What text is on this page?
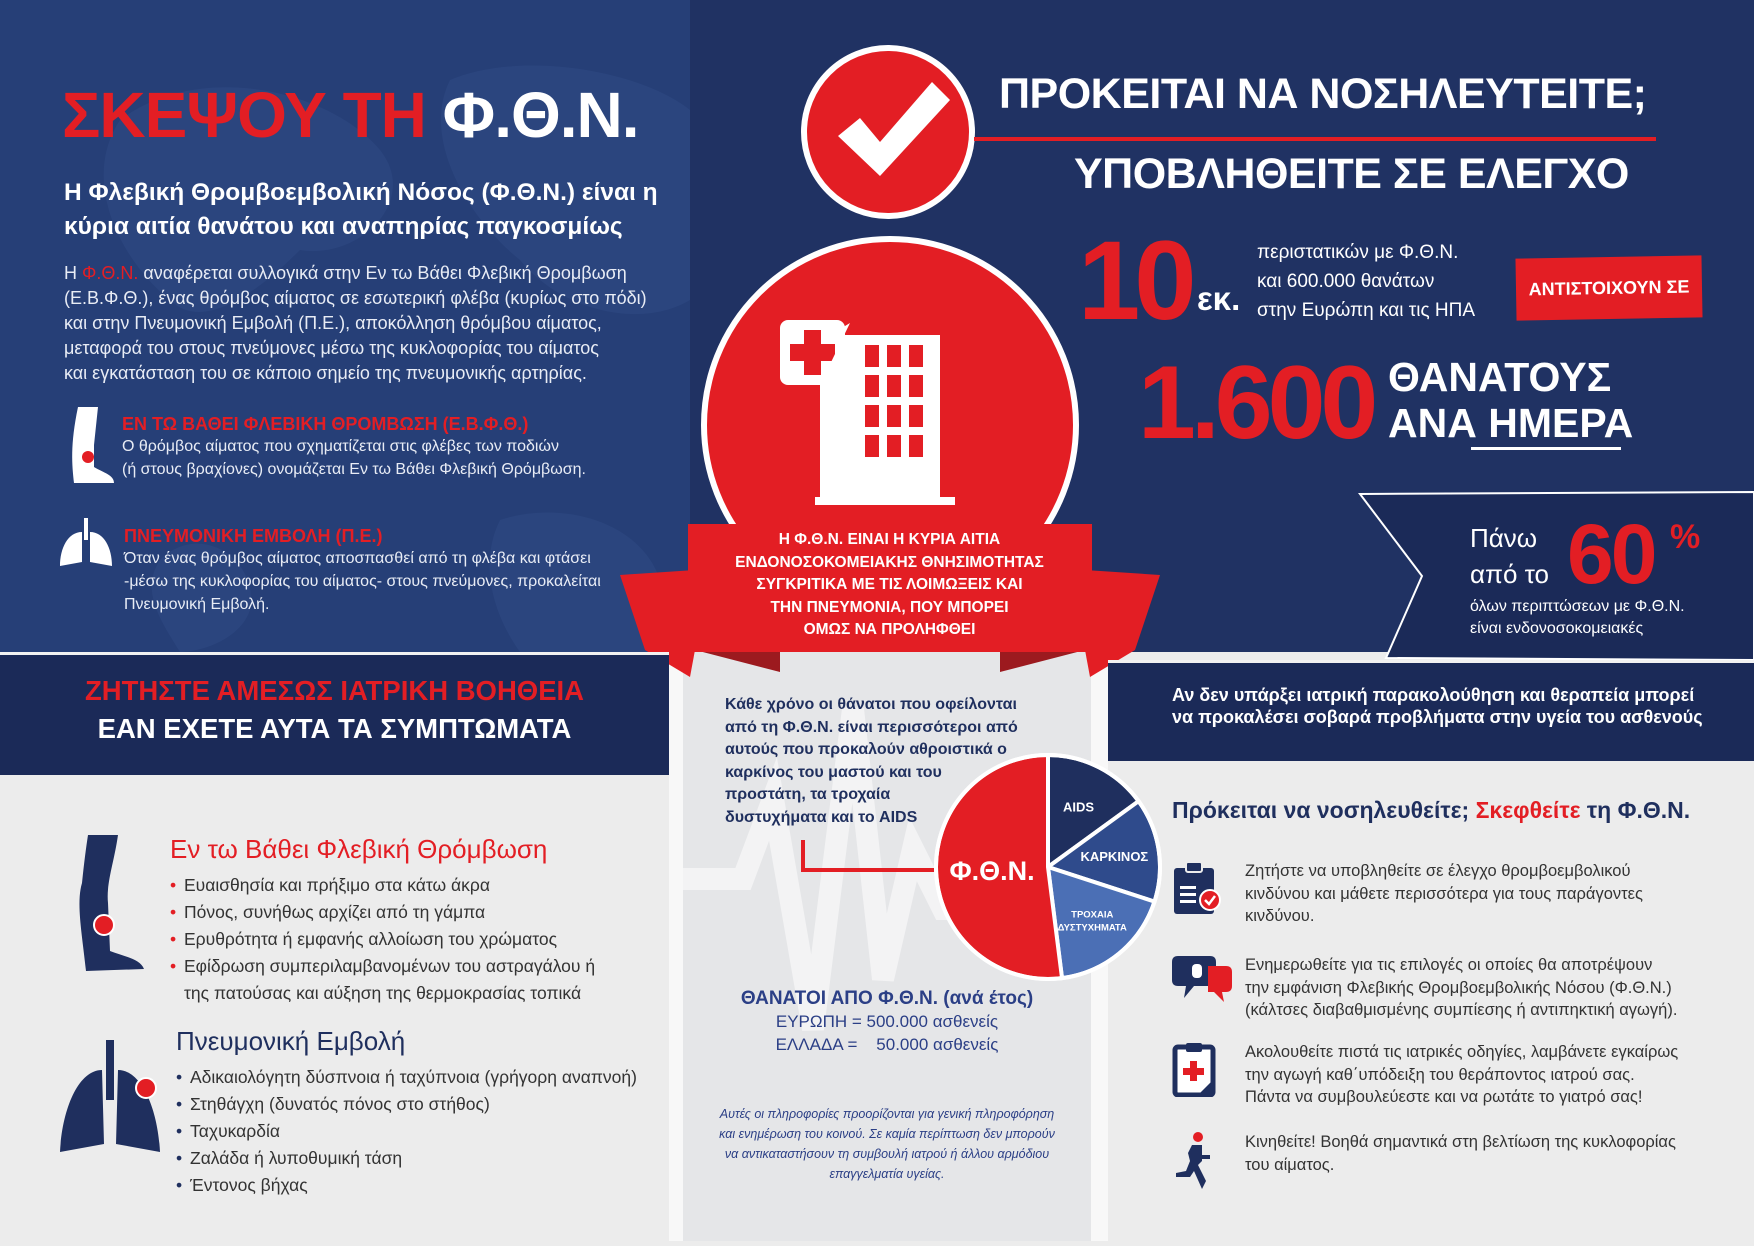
ΣΚΕΨΟΥ ΤΗ Φ.Θ.Ν.
Η Φλεβική Θρομβοεμβολική Νόσος (Φ.Θ.Ν.) είναι η
κύρια αιτία θανάτου και αναπηρίας παγκοσμίως
Η Φ.Θ.Ν. αναφέρεται συλλογικά στην Εν τω Βάθει Φλεβική Θρομβωση
(Ε.Β.Φ.Θ.), ένας θρόμβος αίματος σε εσωτερική φλέβα (κυρίως στο πόδι)
και στην Πνευμονική Εμβολή (Π.Ε.), αποκόλληση θρόμβου αίματος,
μεταφορά του στους πνεύμονες μέσω της κυκλοφορίας του αίματος
και εγκατάσταση του σε κάποιο σημείο της πνευμονικής αρτηρίας.
ΕΝ ΤΩ ΒΑΘΕΙ ΦΛΕΒΙΚΗ ΘΡΟΜΒΩΣΗ (Ε.Β.Φ.Θ.)
Ο θρόμβος αίματος που σχηματίζεται στις φλέβες των ποδιών
(ή στους βραχίονες) ονομάζεται Εν τω Βάθει Φλεβική Θρόμβωση.
ΠΝΕΥΜΟΝΙΚΗ ΕΜΒΟΛΗ (Π.Ε.)
Όταν ένας θρόμβος αίματος αποσπασθεί από τη φλέβα και φτάσει
-μέσω της κυκλοφορίας του αίματος- στους πνεύμονες, προκαλείται
Πνευμονική Εμβολή.
Η Φ.Θ.Ν. ΕΙΝΑΙ Η ΚΥΡΙΑ ΑΙΤΙΑ
ΕΝΔΟΝΟΣΟΚΟΜΕΙΑΚΗΣ ΘΝΗΣΙΜΟΤΗΤΑΣ
ΣΥΓΚΡΙΤΙΚΑ ΜΕ ΤΙΣ ΛΟΙΜΩΞΕΙΣ ΚΑΙ
ΤΗΝ ΠΝΕΥΜΟΝΙΑ, ΠΟΥ ΜΠΟΡΕΙ
ΟΜΩΣ ΝΑ ΠΡΟΛΗΦΘΕΙ
ΠΡΟΚΕΙΤΑΙ ΝΑ ΝΟΣΗΛΕΥΤΕΙΤΕ;
ΥΠΟΒΛΗΘΕΙΤΕ ΣΕ ΕΛΕΓΧΟ
10 εκ.
περιστατικών με Φ.Θ.Ν.
και 600.000 θανάτων
στην Ευρώπη και τις ΗΠΑ
ΑΝΤΙΣΤΟΙΧΟΥΝ ΣΕ
1.600 ΘΑΝΑΤΟΥΣ
ΑΝΑ ΗΜΕΡΑ
Πάνω
από το 60 %
όλων περιπτώσεων με Φ.Θ.Ν.
είναι ενδονοσοκομειακές
Αν δεν υπάρξει ιατρική παρακολούθηση και θεραπεία μπορεί
να προκαλέσει σοβαρά προβλήματα στην υγεία του ασθενούς
ΖΗΤΗΣΤΕ ΑΜΕΣΩΣ ΙΑΤΡΙΚΗ ΒΟΗΘΕΙΑ
ΕΑΝ ΕΧΕΤΕ ΑΥΤΑ ΤΑ ΣΥΜΠΤΩΜΑΤΑ
Εν τω Βάθει Φλεβική Θρόμβωση
• Ευαισθησία και πρήξιμο στα κάτω άκρα
• Πόνος, συνήθως αρχίζει από τη γάμπα
• Ερυθρότητα ή εμφανής αλλοίωση του χρώματος
• Εφίδρωση συμπεριλαμβανομένων του αστραγάλου ή
της πατούσας και αύξηση της θερμοκρασίας τοπικά
Πνευμονική Εμβολή
• Αδικαιολόγητη δύσπνοια ή ταχύπνοια (γρήγορη αναπνοή)
• Στηθάγχη (δυνατός πόνος στο στήθος)
• Ταχυκαρδία
• Ζαλάδα ή λυποθυμική τάση
• Έντονος βήχας
Κάθε χρόνο οι θάνατοι που οφείλονται
από τη Φ.Θ.Ν. είναι περισσότεροι από
αυτούς που προκαλούν αθροιστικά ο
καρκίνος του μαστού και του
προστάτη, τα τροχαία
δυστυχήματα και το AIDS
AIDS
ΚΑΡΚΙΝΟΣ
ΤΡΟΧΑΙΑ
ΔΥΣΤΥΧΗΜΑΤΑ
Φ.Θ.Ν.
ΘΑΝΑΤΟΙ ΑΠΟ Φ.Θ.Ν. (ανά έτος)
ΕΥΡΩΠΗ = 500.000 ασθενείς
ΕΛΛΑΔΑ =    50.000 ασθενείς
Αυτές οι πληροφορίες προορίζονται για γενική πληροφόρηση
και ενημέρωση του κοινού. Σε καμία περίπτωση δεν μπορούν
να αντικαταστήσουν τη συμβουλή ιατρού ή άλλου αρμόδιου
επαγγελματία υγείας.
Πρόκειται να νοσηλευθείτε; Σκεφθείτε τη Φ.Θ.Ν.
Ζητήστε να υποβληθείτε σε έλεγχο θρομβοεμβολικού
κινδύνου και μάθετε περισσότερα για τους παράγοντες
κινδύνου.
Ενημερωθείτε για τις επιλογές οι οποίες θα αποτρέψουν
την εμφάνιση Φλεβικής Θρομβοεμβολικής Νόσου (Φ.Θ.Ν.)
(κάλτσες διαβαθμισμένης συμπίεσης ή αντιπηκτική αγωγή).
Ακολουθείτε πιστά τις ιατρικές οδηγίες, λαμβάνετε εγκαίρως
την αγωγή καθ΄υπόδειξη του θεράποντος ιατρού σας.
Πάντα να συμβουλεύεστε και να ρωτάτε το γιατρό σας!
Κινηθείτε! Βοηθά σημαντικά στη βελτίωση της κυκλοφορίας
του αίματος.
